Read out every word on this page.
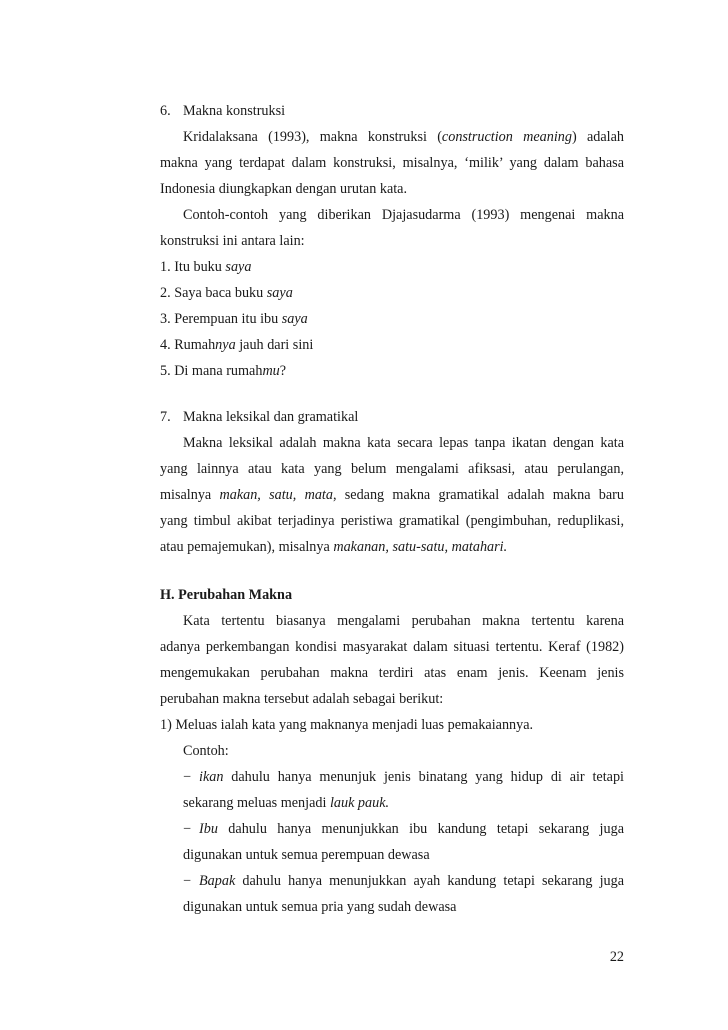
6. Makna konstruksi
Kridalaksana (1993), makna konstruksi (construction meaning) adalah
makna yang terdapat dalam konstruksi, misalnya, ‘milik’ yang dalam bahasa
Indonesia diungkapkan dengan urutan kata.
Contoh-contoh yang diberikan Djajasudarma (1993) mengenai makna
konstruksi ini antara lain:
1. Itu buku saya
2. Saya baca buku saya
3. Perempuan itu ibu saya
4. Rumahnya jauh dari sini
5. Di mana rumahmu?
7. Makna leksikal dan gramatikal
Makna leksikal adalah makna kata secara lepas tanpa ikatan dengan kata
yang lainnya atau kata yang belum mengalami afiksasi, atau perulangan,
misalnya makan, satu, mata, sedang makna gramatikal adalah makna baru
yang timbul akibat terjadinya peristiwa gramatikal (pengimbuhan, reduplikasi,
atau pemajemukan), misalnya makanan, satu-satu, matahari.
H. Perubahan Makna
Kata tertentu biasanya mengalami perubahan makna tertentu karena
adanya perkembangan kondisi masyarakat dalam situasi tertentu. Keraf (1982)
mengemukakan perubahan makna terdiri atas enam jenis. Keenam jenis
perubahan makna tersebut adalah sebagai berikut:
1) Meluas ialah kata yang maknanya menjadi luas pemakaiannya.
Contoh:
− ikan dahulu hanya menunjuk jenis binatang yang hidup di air tetapi
sekarang meluas menjadi lauk pauk.
− Ibu dahulu hanya menunjukkan ibu kandung tetapi sekarang juga
digunakan untuk semua perempuan dewasa
− Bapak dahulu hanya menunjukkan ayah kandung tetapi sekarang juga
digunakan untuk semua pria yang sudah dewasa
22
